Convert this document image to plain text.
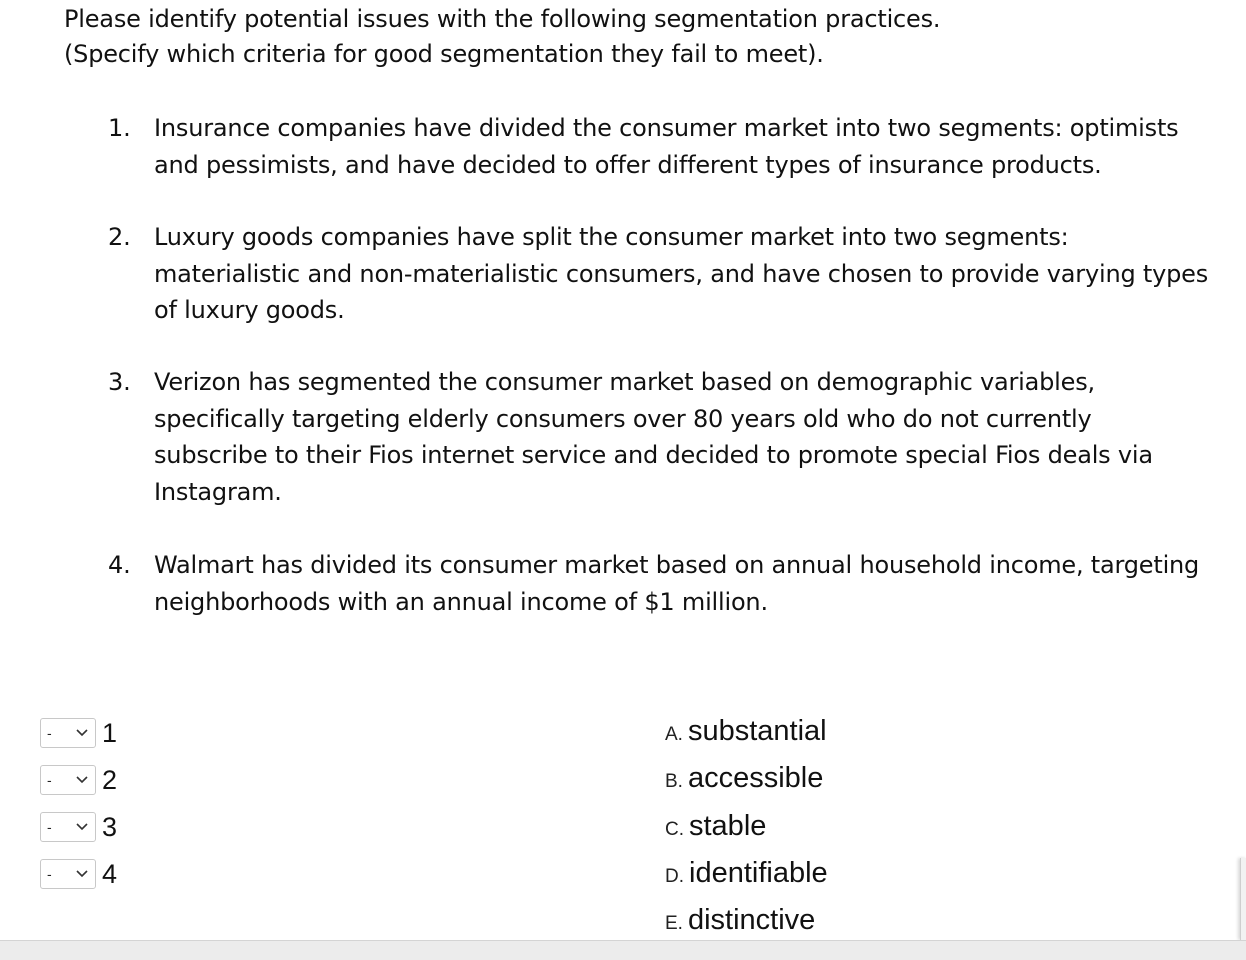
Please identify potential issues with the following segmentation practices.
(Specify which criteria for good segmentation they fail to meet).
1. Insurance companies have divided the consumer market into two segments: optimists
and pessimists, and have decided to offer different types of insurance products.
2. Luxury goods companies have split the consumer market into two segments:
materialistic and non-materialistic consumers, and have chosen to provide varying types
of luxury goods.
3. Verizon has segmented the consumer market based on demographic variables,
specifically targeting elderly consumers over 80 years old who do not currently
subscribe to their Fios internet service and decided to promote special Fios deals via
Instagram.
4. Walmart has divided its consumer market based on annual household income, targeting
neighborhoods with an annual income of $1 million.
- 1
- 2
- 3
- 4
A. substantial
B. accessible
C. stable
D. identifiable
E. distinctive
